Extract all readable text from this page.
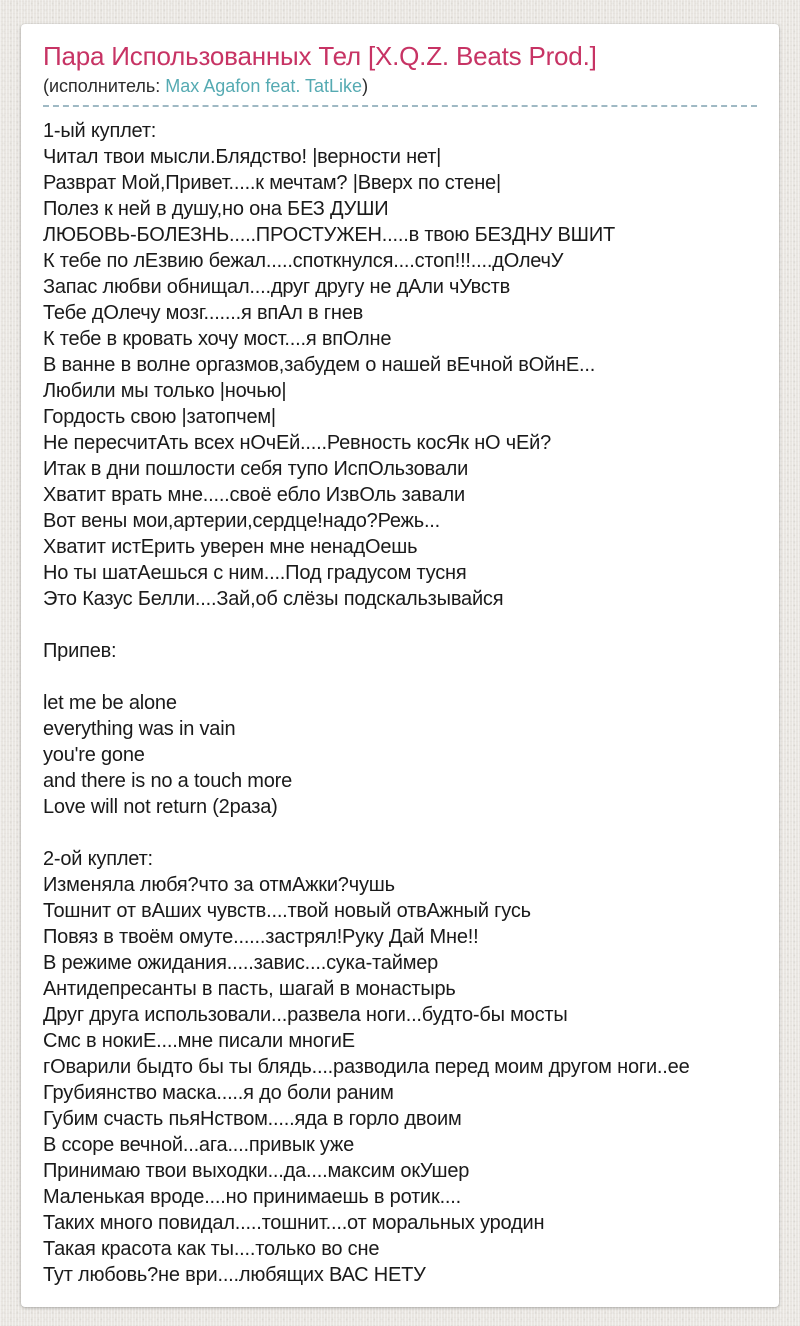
Пара Использованных Тел [X.Q.Z. Beats Prod.]
(исполнитель: Max Agafon feat. TatLike)
1-ый куплет:
Читал твои мысли.Блядство! |верности нет|
Разврат Мой,Привет.....к мечтам? |Вверх по стене|
Полез к ней в душу,но она БЕЗ ДУШИ
ЛЮБОВЬ-БОЛЕЗНЬ.....ПРОСТУЖЕН.....в твою БЕЗДНУ ВШИТ
К тебе по лЕзвию бежал.....споткнулся....стоп!!!....дОлечУ
Запас любви обнищал....друг другу не дАли чУвств
Тебе дОлечу мозг.......я впАл в гнев
К тебе в кровать хочу мост....я впОлне
В ванне в волне оргазмов,забудем о нашей вЕчной вОйнЕ...
Любили мы только |ночью|
Гордость свою |затопчем|
Не пересчитАть всех нОчЕй.....Ревность косЯк нО чЕй?
Итак в дни пошлости себя тупо ИспОльзовали
Хватит врать мне.....своё ебло ИзвОль завали
Вот вены мои,артерии,сердце!надо?Режь...
Хватит истЕрить уверен мне ненадОешь
Но ты шатАешься с ним....Под градусом тусня
Это Казус Белли....Зай,об слёзы подскальзывайся

Припев:

let me be alone
everything was in vain
you're gone
and there is no a touch more
Love will not return (2раза)

2-ой куплет:
Изменяла любя?что за отмАжки?чушь
Тошнит от вАших чувств....твой новый отвАжный гусь
Повяз в твоём омуте......застрял!Руку Дай Мне!!
В режиме ожидания.....завис....сука-таймер
Антидепресанты в пасть, шагай в монастырь
Друг друга использовали...развела ноги...будто-бы мосты
Смс в нокиЕ....мне писали многиЕ
гОварили быдто бы ты блядь....разводила перед моим другом ноги..ее
Грубиянство маска.....я до боли раним
Губим счасть пьяНством.....яда в горло двоим
В ссоре вечной...ага....привык уже
Принимаю твои выходки...да....максим окУшер
Маленькая вроде....но принимаешь в ротик....
Таких много повидал.....тошнит....от моральных уродин
Такая красота как ты....только во сне
Тут любовь?не ври....любящих ВАС НЕТУ
